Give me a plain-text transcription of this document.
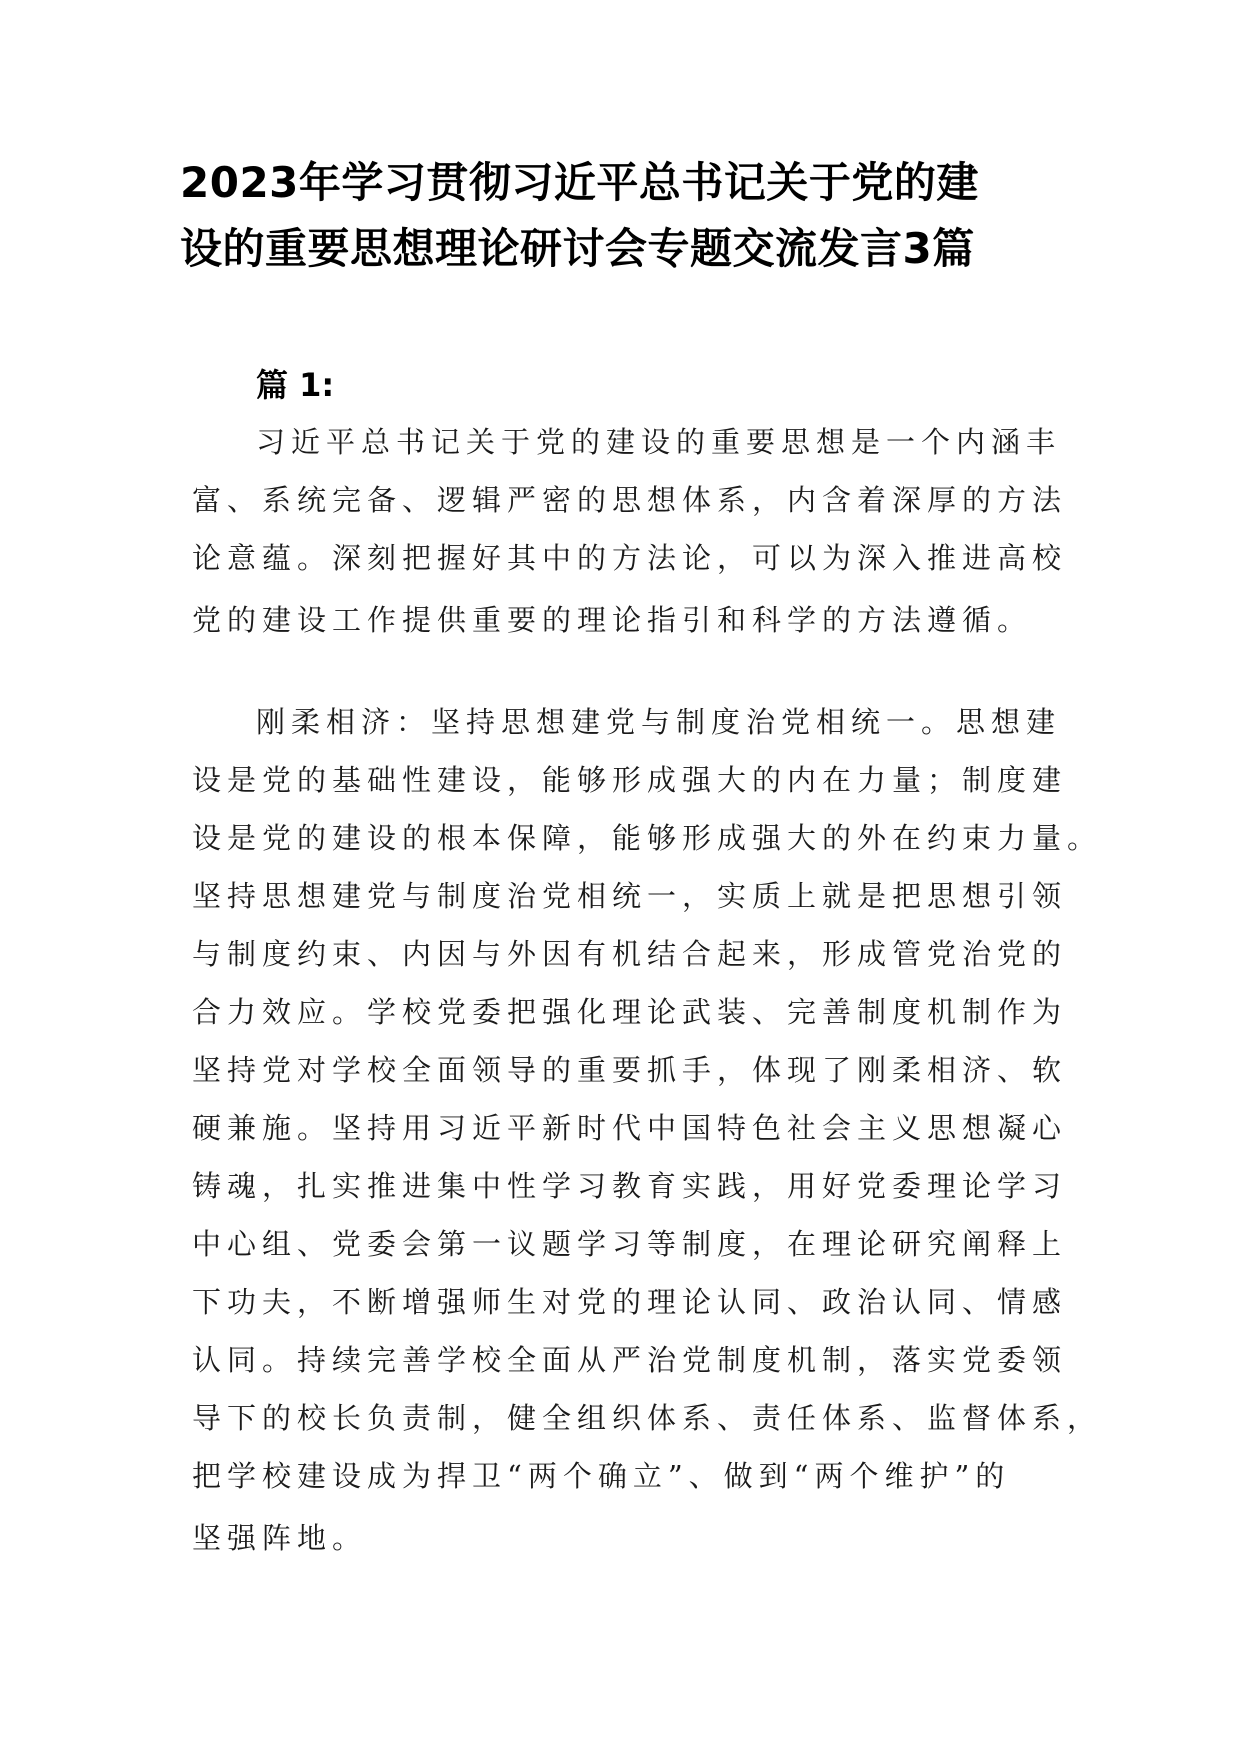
2023年学习贯彻习近平总书记关于党的建
设的重要思想理论研讨会专题交流发言3篇
篇 1:
习近平总书记关于党的建设的重要思想是一个内涵丰
富、系统完备、逻辑严密的思想体系，内含着深厚的方法
论意蕴。深刻把握好其中的方法论，可以为深入推进高校
党的建设工作提供重要的理论指引和科学的方法遵循。
刚柔相济：坚持思想建党与制度治党相统一。思想建
设是党的基础性建设，能够形成强大的内在力量；制度建
设是党的建设的根本保障，能够形成强大的外在约束力量。
坚持思想建党与制度治党相统一，实质上就是把思想引领
与制度约束、内因与外因有机结合起来，形成管党治党的
合力效应。学校党委把强化理论武装、完善制度机制作为
坚持党对学校全面领导的重要抓手，体现了刚柔相济、软
硬兼施。坚持用习近平新时代中国特色社会主义思想凝心
铸魂，扎实推进集中性学习教育实践，用好党委理论学习
中心组、党委会第一议题学习等制度，在理论研究阐释上
下功夫，不断增强师生对党的理论认同、政治认同、情感
认同。持续完善学校全面从严治党制度机制，落实党委领
导下的校长负责制，健全组织体系、责任体系、监督体系，
把学校建设成为捍卫“两个确立”、做到“两个维护”的
坚强阵地。
